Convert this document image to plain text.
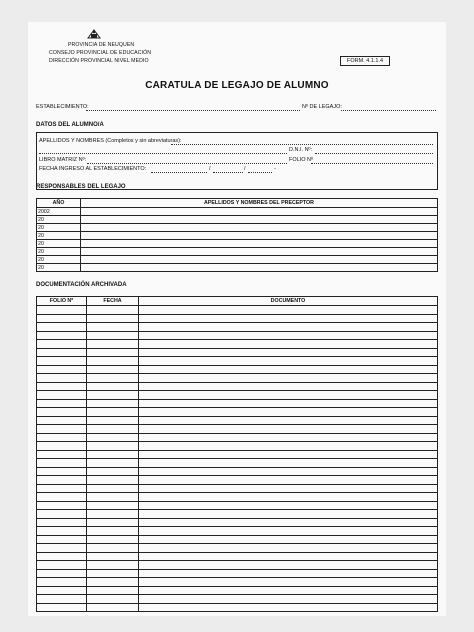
PROVINCIA DE NEUQUEN
CONSEJO PROVINCIAL DE EDUCACIÓN
DIRECCIÓN PROVINCIAL NIVEL MEDIO	FORM. 4.1.1.4
CARATULA DE LEGAJO DE ALUMNO
ESTABLECIMIENTO:	Nº DE LEGAJO:
DATOS DEL ALUMNO/A
APELLIDOS Y NOMBRES (Completos y sin abreviaturas):
D.N.I. Nº:
LIBRO MATRIZ Nº:	FOLIO Nº
FECHA INGRESO AL ESTABLECIMIENTO:	/	/	-
RESPONSABLES DEL LEGAJO
AÑO	APELLIDOS Y NOMBRES DEL PRECEPTOR
2002	
20	
20	
20	
20	
20	
20	
20	
DOCUMENTACIÓN ARCHIVADA
FOLIO Nº	FECHA	DOCUMENTO
